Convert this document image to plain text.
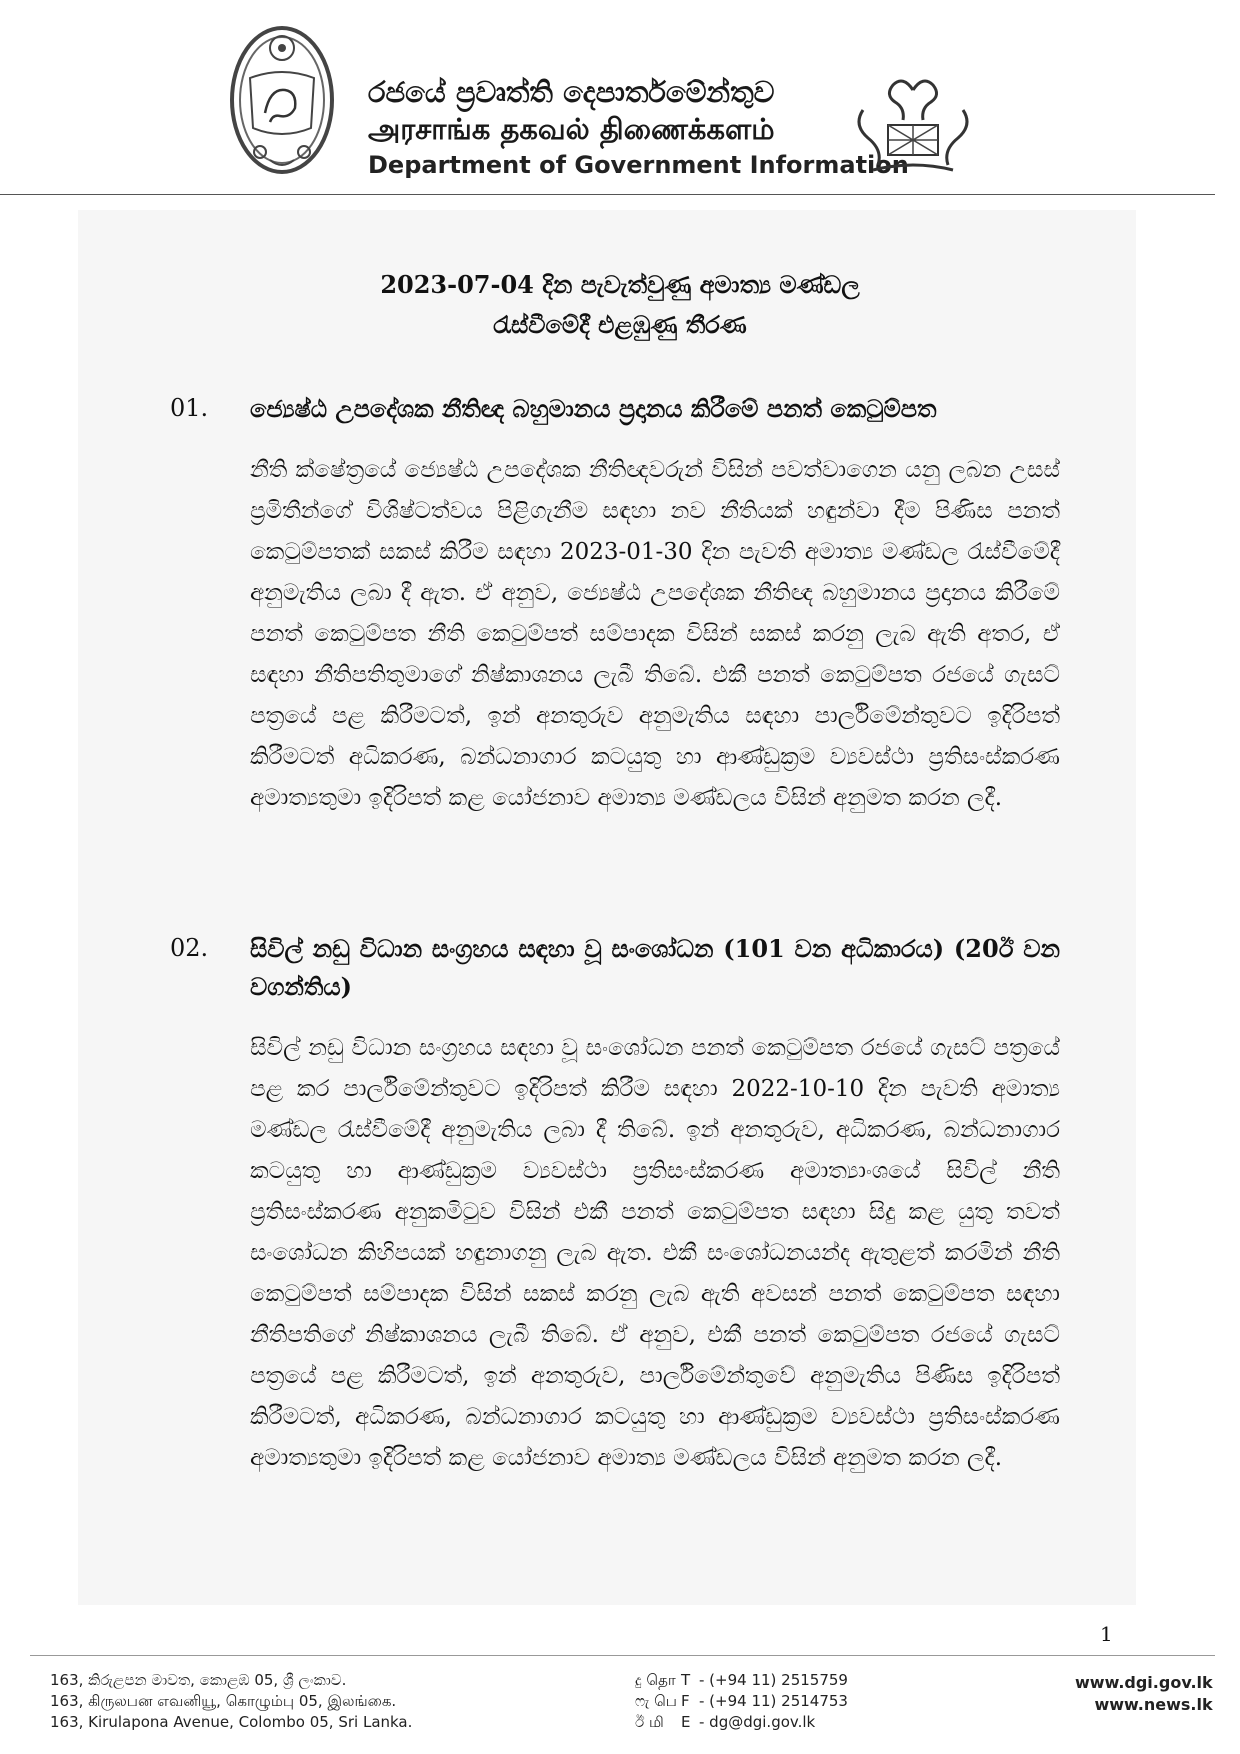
රජයේ ප්‍රවෘත්ති දෙපාර්තමේන්තුව
அரசாங்க தகவல் திணைக்களம்
Department of Government Information
2023-07-04 දින පැවැත්වුණු අමාත්‍ය මණ්ඩල
රැස්වීමේදී එළඹුණු තීරණ
01. ජ්‍යෙෂ්ඨ උපදේශක නීතිඥ බහුමානය ප්‍රදානය කිරීමේ පනත් කෙටුම්පත
නීති ක්ෂේත්‍රයේ ජ්‍යෙෂ්ඨ උපදේශක නීතිඥවරුන් විසින් පවත්වාගෙන යනු ලබන උසස් ප්‍රමිතීන්ගේ විශිෂ්ටත්වය පිළිගැනීම සඳහා නව නීතියක් හඳුන්වා දීම පිණිස පනත් කෙටුම්පතක් සකස් කිරීම සඳහා 2023-01-30 දින පැවති අමාත්‍ය මණ්ඩල රැස්වීමේදී අනුමැතිය ලබා දී ඇත. ඒ අනුව, ජ්‍යෙෂ්ඨ උපදේශක නීතිඥ බහුමානය ප්‍රදානය කිරීමේ පනත් කෙටුම්පත නීති කෙටුම්පත් සම්පාදක විසින් සකස් කරනු ලැබ ඇති අතර, ඒ සඳහා නීතිපතිතුමාගේ නිෂ්කාශනය ලැබී තිබේ. එකී පනත් කෙටුම්පත රජයේ ගැසට් පත්‍රයේ පළ කිරීමටත්, ඉන් අනතුරුව අනුමැතිය සඳහා පාර්ලිමේන්තුවට ඉදිරිපත් කිරීමටත් අධිකරණ, බන්ධනාගාර කටයුතු හා ආණ්ඩුක්‍රම ව්‍යවස්ථා ප්‍රතිසංස්කරණ අමාත්‍යතුමා ඉදිරිපත් කළ යෝජනාව අමාත්‍ය මණ්ඩලය විසින් අනුමත කරන ලදී.
02. සිවිල් නඩු විධාන සංග්‍රහය සඳහා වූ සංශෝධන (101 වන අධිකාරය) (20ඊ වන වගන්තිය)
සිවිල් නඩු විධාන සංග්‍රහය සඳහා වූ සංශෝධන පනත් කෙටුම්පත රජයේ ගැසට් පත්‍රයේ පළ කර පාර්ලිමේන්තුවට ඉදිරිපත් කිරීම සඳහා 2022-10-10 දින පැවති අමාත්‍ය මණ්ඩල රැස්වීමේදී අනුමැතිය ලබා දී තිබේ. ඉන් අනතුරුව, අධිකරණ, බන්ධනාගාර කටයුතු හා ආණ්ඩුක්‍රම ව්‍යවස්ථා ප්‍රතිසංස්කරණ අමාත්‍යාංශයේ සිවිල් නීති ප්‍රතිසංස්කරණ අනුකමිටුව විසින් එකී පනත් කෙටුම්පත සඳහා සිදු කළ යුතු තවත් සංශෝධන කිහිපයක් හඳුනාගනු ලැබ ඇත. එකී සංශෝධනයන්ද ඇතුළත් කරමින් නීති කෙටුම්පත් සම්පාදක විසින් සකස් කරනු ලැබ ඇති අවසන් පනත් කෙටුම්පත සඳහා නීතිපතිගේ නිෂ්කාශනය ලැබී තිබේ. ඒ අනුව, එකී පනත් කෙටුම්පත රජයේ ගැසට් පත්‍රයේ පළ කිරීමටත්, ඉන් අනතුරුව, පාර්ලිමේන්තුවේ අනුමැතිය පිණිස ඉදිරිපත් කිරීමටත්, අධිකරණ, බන්ධනාගාර කටයුතු හා ආණ්ඩුක්‍රම ව්‍යවස්ථා ප්‍රතිසංස්කරණ අමාත්‍යතුමා ඉදිරිපත් කළ යෝජනාව අමාත්‍ය මණ්ඩලය විසින් අනුමත කරන ලදී.
1
163, කිරුළපන මාවත, කොළඹ 05, ශ්‍රී ලංකාව.
163, கிருலபன எவனியூ, கொழும்பு 05, இலங்கை.
163, Kirulapona Avenue, Colombo 05, Sri Lanka.
දු தொ T - (+94 11) 2515759
ෆැ பெ F - (+94 11) 2514753
ඊ மி E - dg@dgi.gov.lk
www.dgi.gov.lk
www.news.lk
